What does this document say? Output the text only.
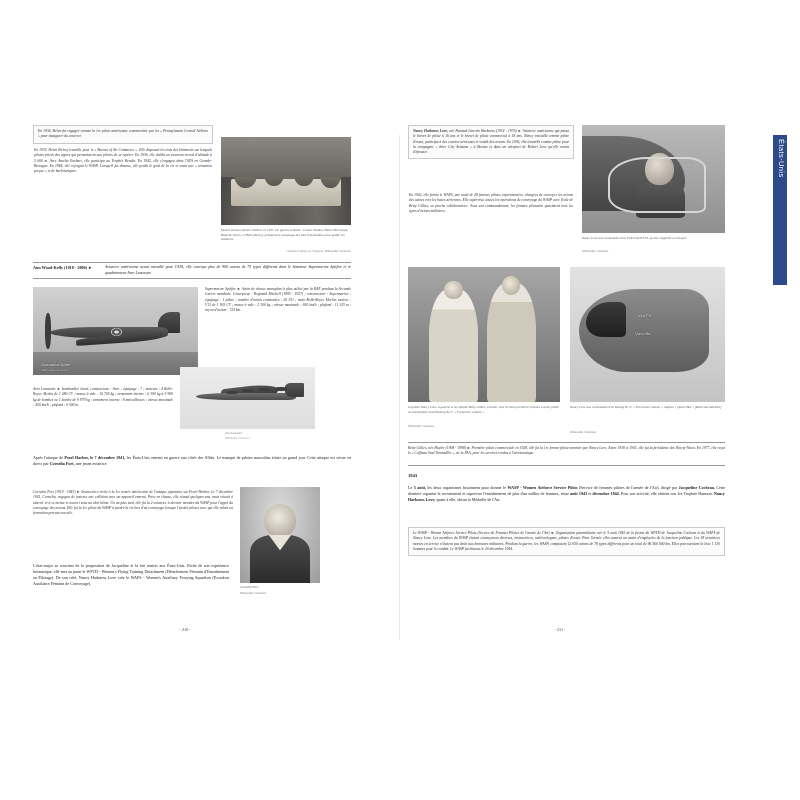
En 1934, Helen fut engagée comme la 1re pilote américaine commerciale par les « Pennsylvania Central Airlines » pour inaugurer du courrier.
En 1935, Helen Richey travaille pour le « Bureau of Air Commerce ». Elle disposait les tests des bâtiments sur lesquels pilotes privés des signes qui permettaient aux pilotes de se repérer. En 1936, elle établit un nouveau record d'altitude à 5 600 m. Avec Amelia Earhart, elle participa au Trophée Bendix. En 1942, elle s'engagea dans l'ATA en Grande-Bretagne. En 1944, elle rejoignit le WASP. Lorsqu'il fut dissous, elle perdit le goût de la vie et avait une « sensation perçue » et de barbituriques.
Quatre femmes pilotes célèbres en 1937. De gauche à droite : Louise Thaden, Helen McCloskey, Blanche Noyes, et Helen Richey, préparent le marquage des toits d'immeubles pour guider les aviateurs.
Courtesy Library of Congress, Wikimedia Commons
Ann Wood-Kelly (1918 - 2006) ►	Aviatrice américaine ayant travaillé pour l'ATA, elle convoya plus de 900 avions de 75 types différents dont le bimoteur Supermarine Spitfire et le quadrimoteur Avro Lancaster.
Supermarine Spitfire
Wikimedia Commons
Supermarine Spitfire ► Avion de chasse monoplan le plus utilisé par la RAF pendant la Seconde Guerre mondiale. Concepteur : Reginald Mitchell (1895 - 1937) ; constructeur : Supermarine ; équipage : 1 pilote ; nombre d'unités construites : 20 351 ; moto-Rolls-Royce Merlin, moteur : V12 de 1 565 CV ; masse à vide : 2 300 kg ; vitesse maximale : 650 km/h ; plafond : 11 125 m ; rayon d'action : 724 km.
Avro Lancaster
Wikimedia Commons
Avro Lancaster ► bombardier lourd, constructeur : Avro ; équipage : 7 ; moteurs : 4 Rolls-Royce Merlin de 1 280 CV ; masse à vide : 16 705 kg ; armement interne : 6 300 kg à 9 900 kg de bombes ou 1 bombe de 9 979 kg ; armement externe : 8 mitrailleuses ; vitesse maximale : 450 km/h ; plafond : 6 500 m.
Après l'attaque de Pearl Harbor, le 7 décembre 1941, les États-Unis entrent en guerre aux côtés des Alliés. Le manque de pilotes masculins éclate au grand jour. Cette attaque est vécue en direct par Cornelia Fort, une jeune aviatrice.
Cornelia Fort (1919 - 1943) ► Instructrice civile à la 1re armée américaine de l'attaque japonaise sur Pearl Harbor. Le 7 décembre 1941, Cornelia, engagea de justesse une collision avec un appareil ennemi. Prise en chasse, elle réussit quelques-uns, mais réussit à atterrir et à se mettre à couvert sous un abri béton. Un an plus tard, elle fut la 2 aviatrice à devenir membre du WASP pour l'appel du convoyage des avions. Elle fut la 1re pilote du WASP à perdre la vie lors d'un convoyage lorsque l'un des pilotes avec qui elle volait est formation percuta son aile.
Cornelia Fort
Wikimedia Commons
L'état-major se souvient de la proposition de Jacqueline et la fait rentrer aux États-Unis. Riche de son expérience britannique, elle met au point le WFTD - Women's Flying Training Detachment (Détachement Féminin d'Entraînement au Pilotage). De son côté, Nancy Harkness Love crée le WAFS - Women's Auxiliary Ferrying Squadron (Escadron Auxiliaire Féminin de Convoyage).
- 210 -
Nancy Harkness Love, née Hannah Lincoln Harkness (1914 - 1976) ► Aviatrice américaine qui passa le brevet de pilote à 16 ans et le brevet de pilote commercial à 18 ans. Nancy travailla comme pilote d'essai, participa à des courses aériennes et vendit des avions. En 1936, elle travailla comme pilote pour la compagnie « Inter City Aviation » à Boston et dans un aéroport de Robert Love qu'elle venait d'épouser.
En 1942, elle forma le WAFS, une unité de 28 femmes pilotes expérimentées, chargées de convoyer les avions des usines vers les bases aériennes. Elle supervisa, toutes les opérations de convoyage du WASP avec Teale de Betty Gillies, sa proche collaboratrice. Sous son commandement, les femmes pilotaient quasiment tous les types d'avions militaires.
Nancy Love aux commandes d'un Fairchild PT-19, qu'elle s'apprête à convoyer
Wikimedia Commons
La pilote Nancy Love, à gauche et la copilote Betty Gillies, à droite, sont les deux premières femmes à avoir piloté un bombardier lourd Boeing B-17, « Forteresse volante ».
Wikimedia Commons
WAFS
Queen Bee
Nancy Love aux commandes d'un Boeing B-17, « Forteresse volante », baptisé « Queen Bee » [Reine des Abeilles]
Wikimedia Commons
Betty Gillies, née Huyler (1908 - 1998) ► Première pilote commerciale en 1928, elle fut la 1re femme pilote nommée par Nancy Love. Entre 1939 et 1941, elle fut la présidente des Ninety-Nines. En 1977, elle reçut le « Coffman Soul Timandller », de la FAA, pour les services rendus à l'aéronautique.
1943
Le 5 août, les deux organismes fusionnent pour donner le WASP - Women Airforce Service Pilots (Service de femmes pilotes de l'armée de l'Air), dirigé par Jacqueline Cochran. Cette dernière organise le recrutement et supervise l'entraînement de plus d'un millier de femmes, entre août 1943 et décembre 1944. Pour son activité, elle obtient son 1re Trophée Harmon. Nancy Harkness Love, quant à elle, obtint la Médaille de l'Air.
Le WASP - Women Airforce Service Pilots (Service de Femmes Pilotes de l'armée de l'Air) ► Organisation paramilitaire née le 5 août 1943 de la fusion du WFTD de Jacqueline Cochran et du WAFS de Nancy Love. Les membres du WASP étaient convoyeuses diverses, instructrices, météorologues, pilotes d'essai. Pour l'armée elles avaient un statut d'employées de la fonction publique. Les 38 aviatrices mortes en service n'étaient pas droit aux honneurs militaires. Pendant la guerre, les WASP, comptaient 12 650 avions de 78 types différents pour un total de 96 560 000 km. Elles parcouraient la liste 1 130 hommes pour le combat. Le WASP fut dissous le 20 décembre 1944.
- 211 -
États-Unis
